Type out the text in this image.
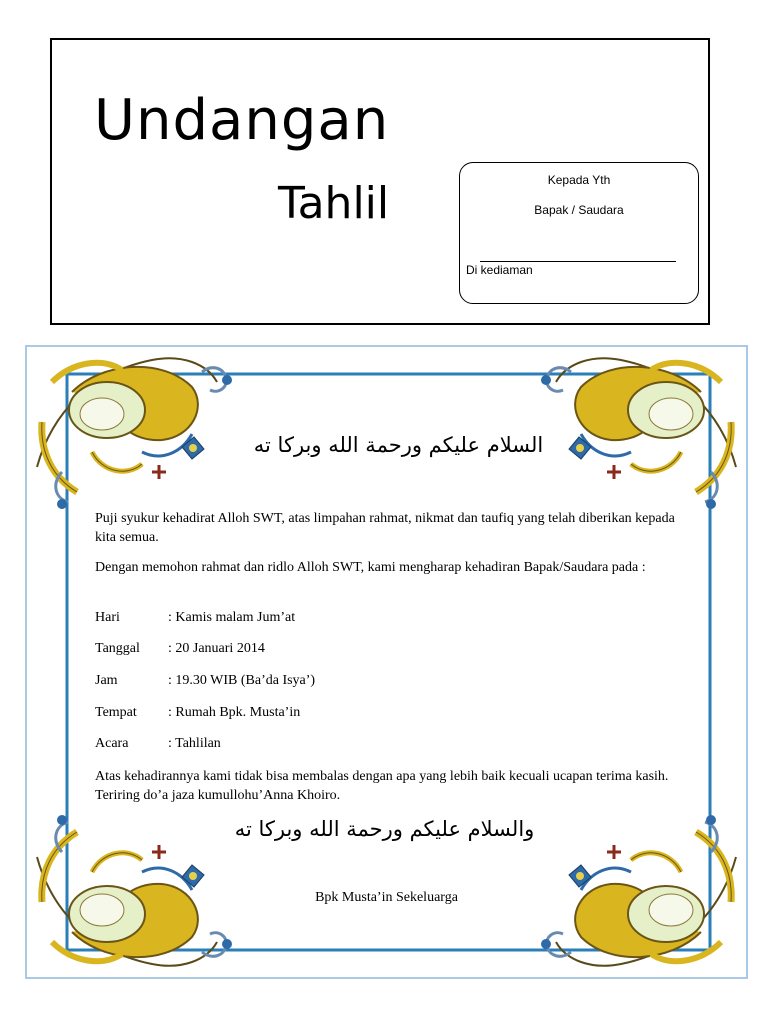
Undangan
Tahlil	Kepada Yth
Bapak / Saudara
Di kediaman
السلام عليكم ورحمة الله وبركا ته
Puji syukur kehadirat Alloh SWT, atas limpahan rahmat, nikmat dan taufiq yang telah diberikan kepada kita semua.
Dengan memohon rahmat dan ridlo Alloh SWT, kami mengharap kehadiran Bapak/Saudara pada :
Hari	: Kamis malam Jum’at
Tanggal : 20 Januari 2014
Jam	: 19.30 WIB (Ba’da Isya’)
Tempat : Rumah Bpk. Musta’in
Acara	: Tahlilan
Atas kehadirannya kami tidak bisa membalas dengan apa yang lebih baik kecuali ucapan terima kasih. Teriring do’a jaza kumullohu’Anna Khoiro.
والسلام عليكم ورحمة الله وبركا ته
Bpk Musta’in Sekeluarga
